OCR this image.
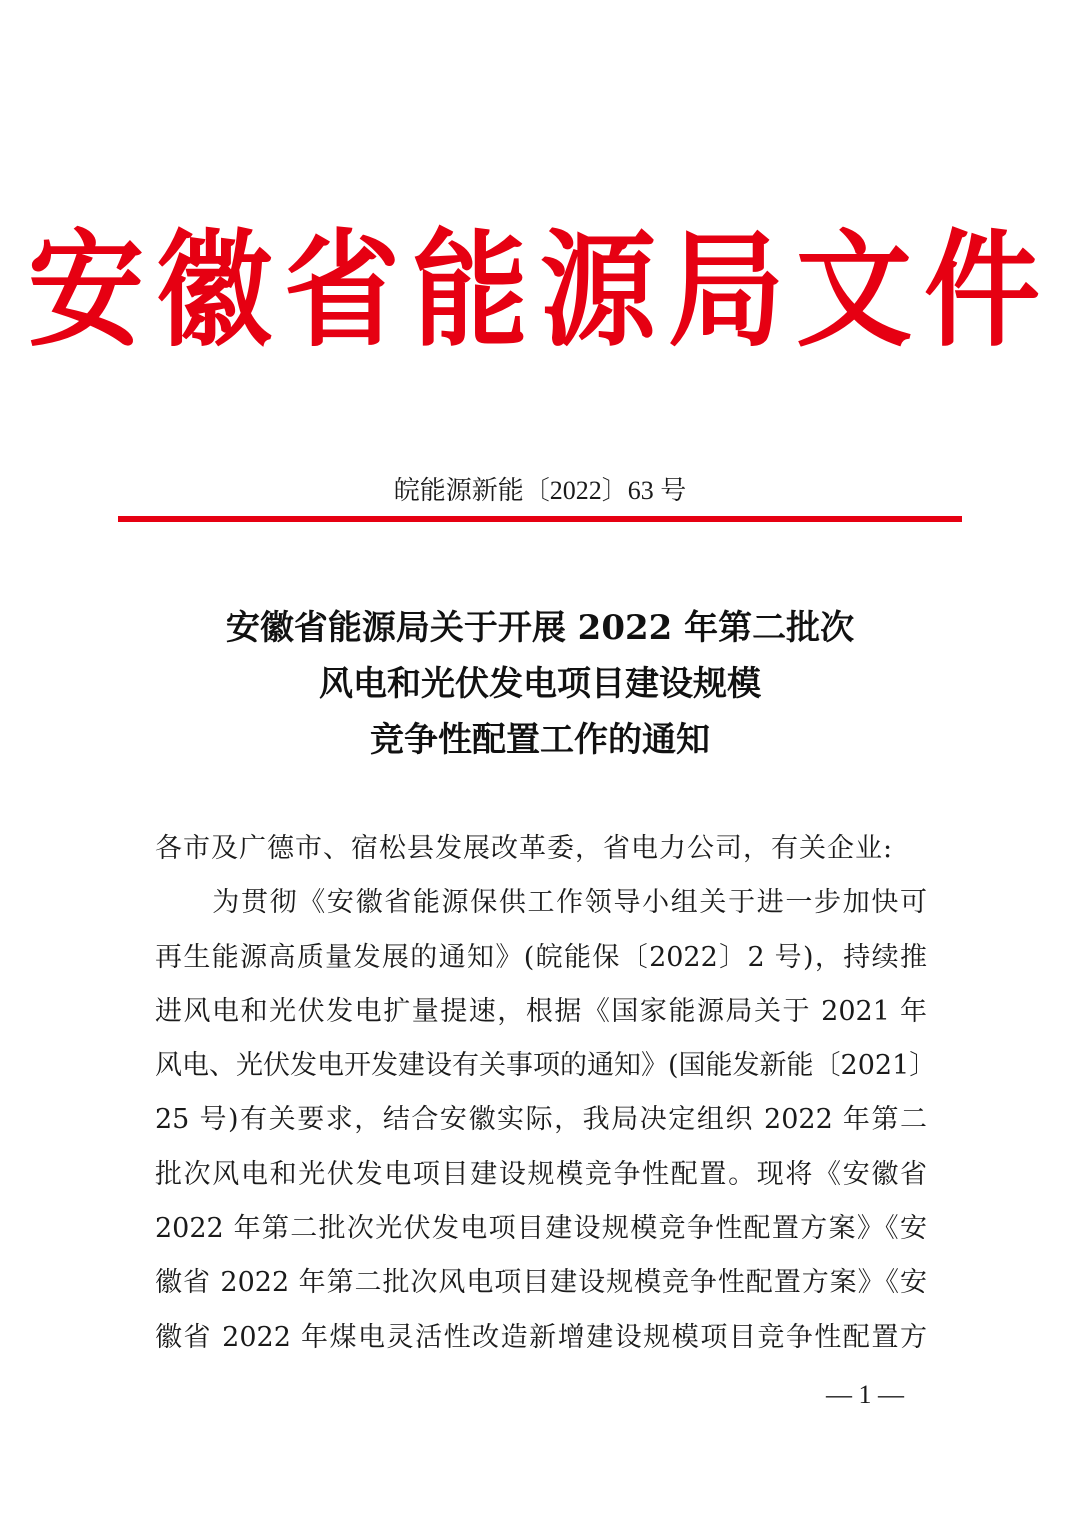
安徽省能源局文件
皖能源新能〔2022〕63 号
安徽省能源局关于开展 2022 年第二批次
风电和光伏发电项目建设规模
竞争性配置工作的通知
各市及广德市、宿松县发展改革委，省电力公司，有关企业:
　　为贯彻《安徽省能源保供工作领导小组关于进一步加快可
再生能源高质量发展的通知》(皖能保〔2022〕2 号)，持续推
进风电和光伏发电扩量提速，根据《国家能源局关于 2021 年
风电、光伏发电开发建设有关事项的通知》(国能发新能〔2021〕
25 号)有关要求，结合安徽实际，我局决定组织 2022 年第二
批次风电和光伏发电项目建设规模竞争性配置。现将《安徽省
2022 年第二批次光伏发电项目建设规模竞争性配置方案》《安
徽省 2022 年第二批次风电项目建设规模竞争性配置方案》《安
徽省 2022 年煤电灵活性改造新增建设规模项目竞争性配置方
— 1 —
